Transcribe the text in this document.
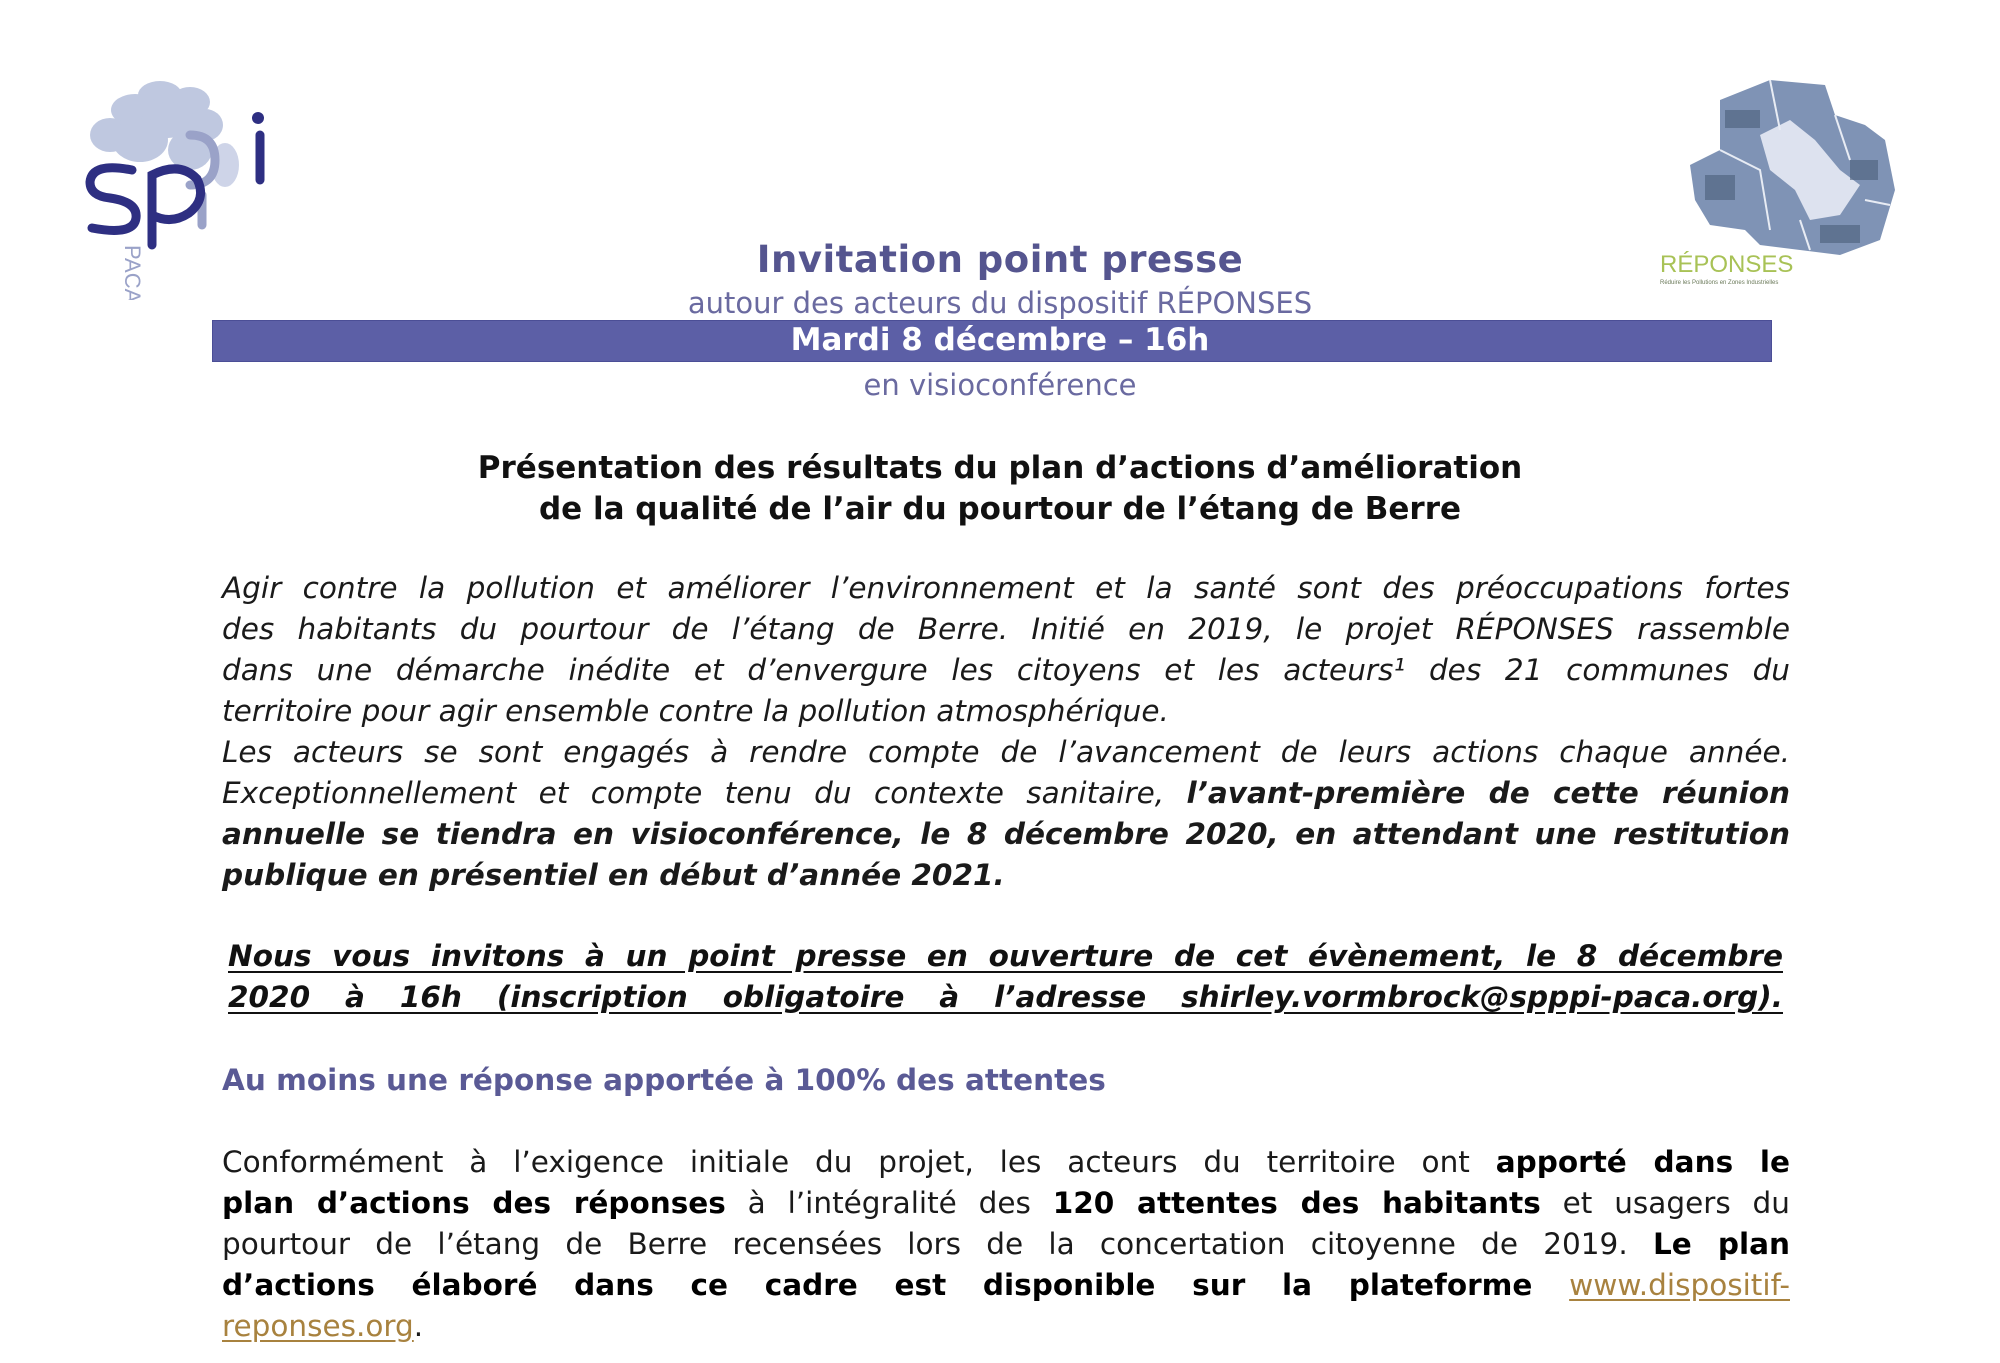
PACA	RÉPONSES
Réduire les Pollutions en Zones Industrielles
Invitation point presse
autour des acteurs du dispositif RÉPONSES
Mardi 8 décembre – 16h
en visioconférence
Présentation des résultats du plan d’actions d’amélioration
de la qualité de l’air du pourtour de l’étang de Berre
Agir contre la pollution et améliorer l’environnement et la santé sont des préoccupations fortes
des habitants du pourtour de l’étang de Berre. Initié en 2019, le projet RÉPONSES rassemble
dans une démarche inédite et d’envergure les citoyens et les acteurs¹ des 21 communes du
territoire pour agir ensemble contre la pollution atmosphérique.
Les acteurs se sont engagés à rendre compte de l’avancement de leurs actions chaque année.
Exceptionnellement et compte tenu du contexte sanitaire, l’avant-première de cette réunion
annuelle se tiendra en visioconférence, le 8 décembre 2020, en attendant une restitution
publique en présentiel en début d’année 2021.
Nous vous invitons à un point presse en ouverture de cet évènement, le 8 décembre
2020 à 16h (inscription obligatoire à l’adresse shirley.vormbrock@spppi-paca.org).
Au moins une réponse apportée à 100% des attentes
Conformément à l’exigence initiale du projet, les acteurs du territoire ont apporté dans le
plan d’actions des réponses à l’intégralité des 120 attentes des habitants et usagers du
pourtour de l’étang de Berre recensées lors de la concertation citoyenne de 2019. Le plan
d’actions élaboré dans ce cadre est disponible sur la plateforme www.dispositif-
reponses.org.
